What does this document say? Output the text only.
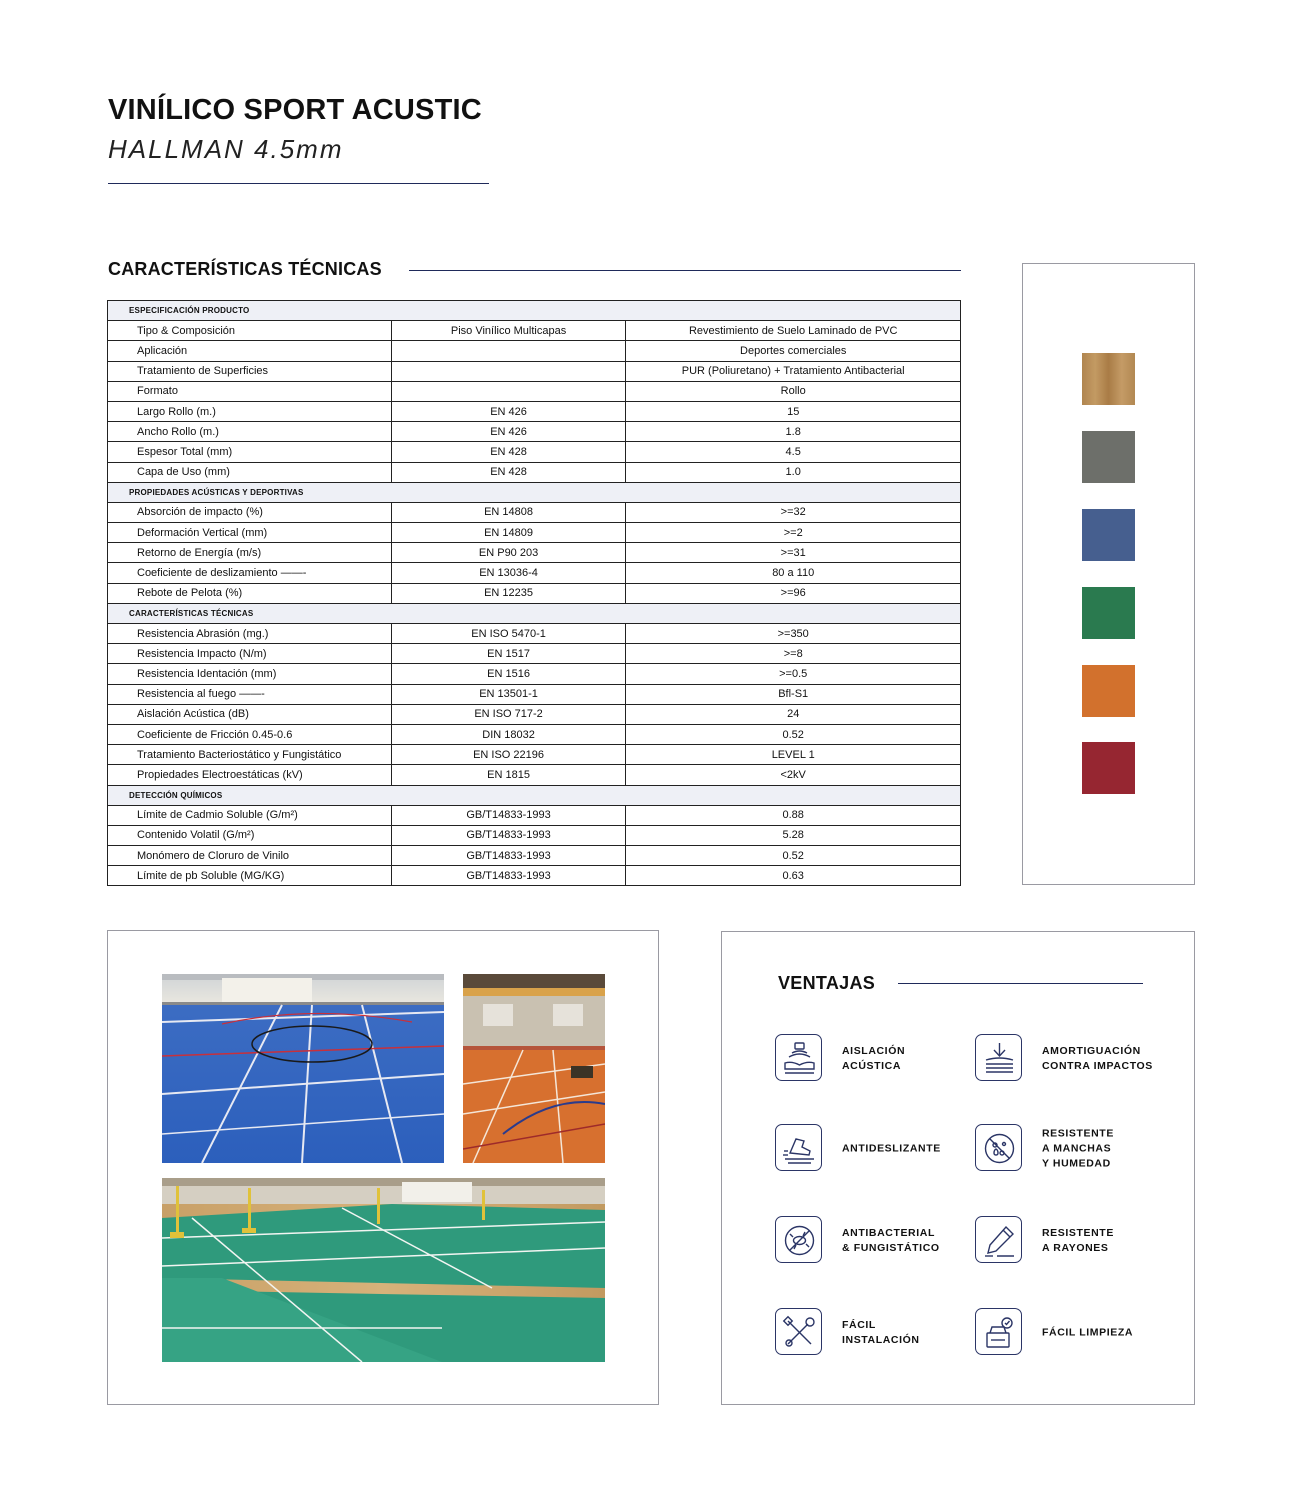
VINÍLICO SPORT ACUSTIC
HALLMAN 4.5mm
CARACTERÍSTICAS TÉCNICAS
ESPECIFICACIÓN PRODUCTO		
Tipo & Composición	Piso Vinílico Multicapas	Revestimiento de Suelo Laminado de PVC
Aplicación		Deportes comerciales
Tratamiento de Superficies		PUR (Poliuretano) + Tratamiento Antibacterial
Formato		Rollo
Largo Rollo (m.)	EN 426	15
Ancho Rollo (m.)	EN 426	1.8
Espesor Total (mm)	EN 428	4.5
Capa de Uso (mm)	EN 428	1.0
PROPIEDADES ACÚSTICAS Y DEPORTIVAS		
Absorción de impacto (%)	EN 14808	>=32
Deformación Vertical (mm)	EN 14809	>=2
Retorno de Energía (m/s)	EN P90 203	>=31
Coeficiente de deslizamiento ——-	EN 13036-4	80 a 110
Rebote de Pelota (%)	EN 12235	>=96
CARACTERÍSTICAS TÉCNICAS		
Resistencia Abrasión (mg.)	EN ISO 5470-1	>=350
Resistencia Impacto (N/m)	EN 1517	>=8
Resistencia Identación (mm)	EN 1516	>=0.5
Resistencia al fuego ——-	EN 13501-1	Bfl-S1
Aislación Acústica (dB)	EN ISO 717-2	24
Coeficiente de Fricción 0.45-0.6	DIN 18032	0.52
Tratamiento Bacteriostático y Fungistático	EN ISO 22196	LEVEL 1
Propiedades Electroestáticas (kV)	EN 1815	<2kV
DETECCIÓN QUÍMICOS		
Límite de Cadmio Soluble (G/m²)	GB/T14833-1993	0.88
Contenido Volatil (G/m²)	GB/T14833-1993	5.28
Monómero de Cloruro de Vinilo	GB/T14833-1993	0.52
Límite de pb Soluble (MG/KG)	GB/T14833-1993	0.63
VENTAJAS
AISLACIÓN
ACÚSTICA
AMORTIGUACIÓN
CONTRA IMPACTOS
ANTIDESLIZANTE
RESISTENTE
A MANCHAS
Y HUMEDAD
ANTIBACTERIAL
& FUNGISTÁTICO
RESISTENTE
A RAYONES
FÁCIL
INSTALACIÓN
FÁCIL LIMPIEZA
